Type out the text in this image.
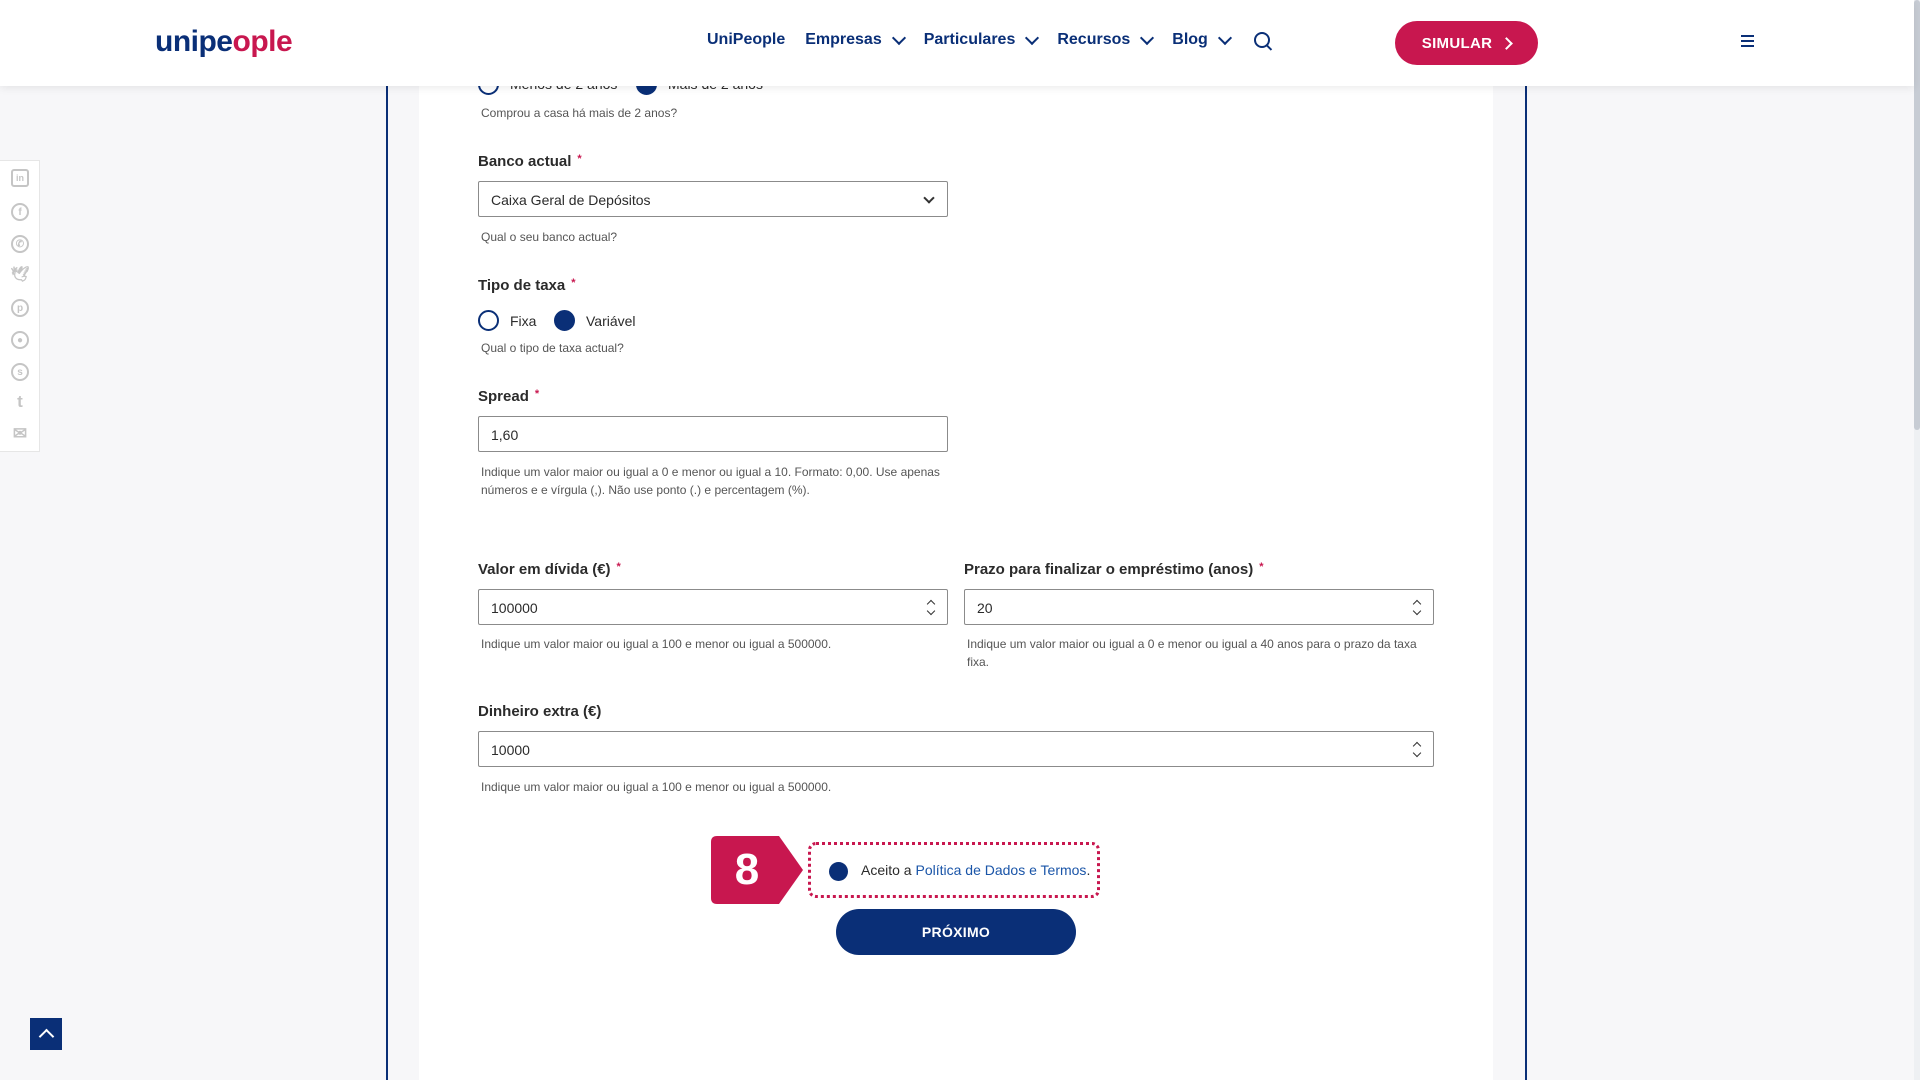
unipeople	UniPeople Empresas	Particulares	Recursos	Blog	SIMULAR
in
f
✆
🕊
p
●
s
t
✉
Comprou a casa há mais de 2 anos?
Banco actual *
Caixa Geral de Depósitos
Qual o seu banco actual?
Tipo de taxa *
Fixa	Variável
Qual o tipo de taxa actual?
Spread *
1,60
Indique um valor maior ou igual a 0 e menor ou igual a 10. Formato: 0,00. Use apenas números e e vírgula (,). Não use ponto (.) e percentagem (%).
Valor em dívida (€) *
100000
Indique um valor maior ou igual a 100 e menor ou igual a 500000.
Prazo para finalizar o empréstimo (anos) *
20
Indique um valor maior ou igual a 0 e menor ou igual a 40 anos para o prazo da taxa fixa.
Dinheiro extra (€)
10000
Indique um valor maior ou igual a 100 e menor ou igual a 500000.
8	Aceito a Política de Dados e Termos.
PRÓXIMO
